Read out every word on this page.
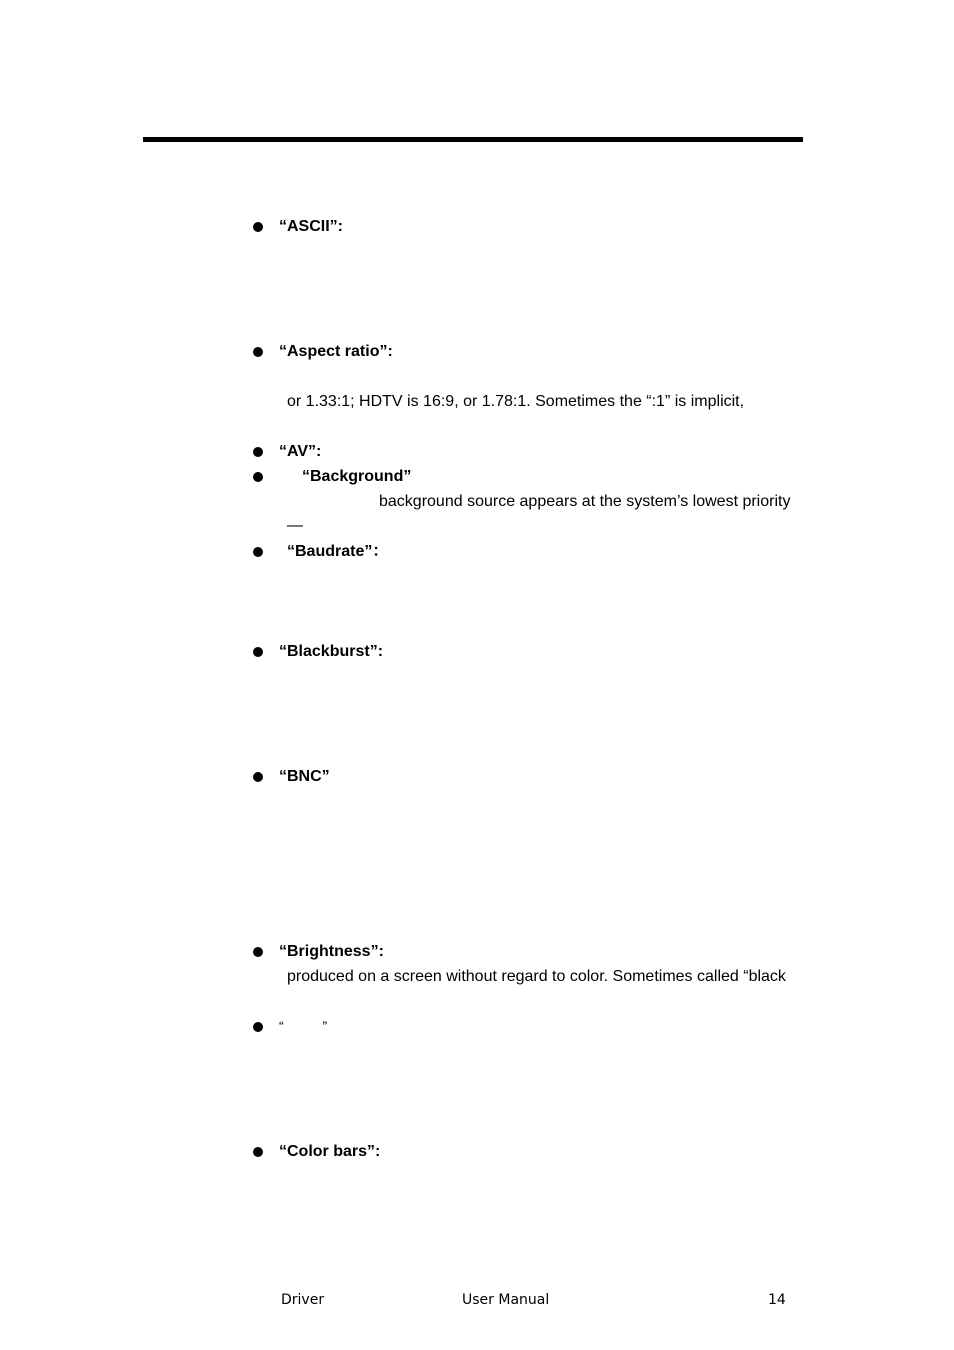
“ASCII”:
“Aspect ratio”:
or 1.33:1; HDTV is 16:9, or 1.78:1. Sometimes the “:1” is implicit,
“AV”:
“Background”
background source appears at the system’s lowest priority
—
“Baudrate”：
“Blackburst”:
“BNC”
“Brightness”:
produced on a screen without regard to color. Sometimes called “black
“          ”
“Color bars”:
Driver	User Manual	14
